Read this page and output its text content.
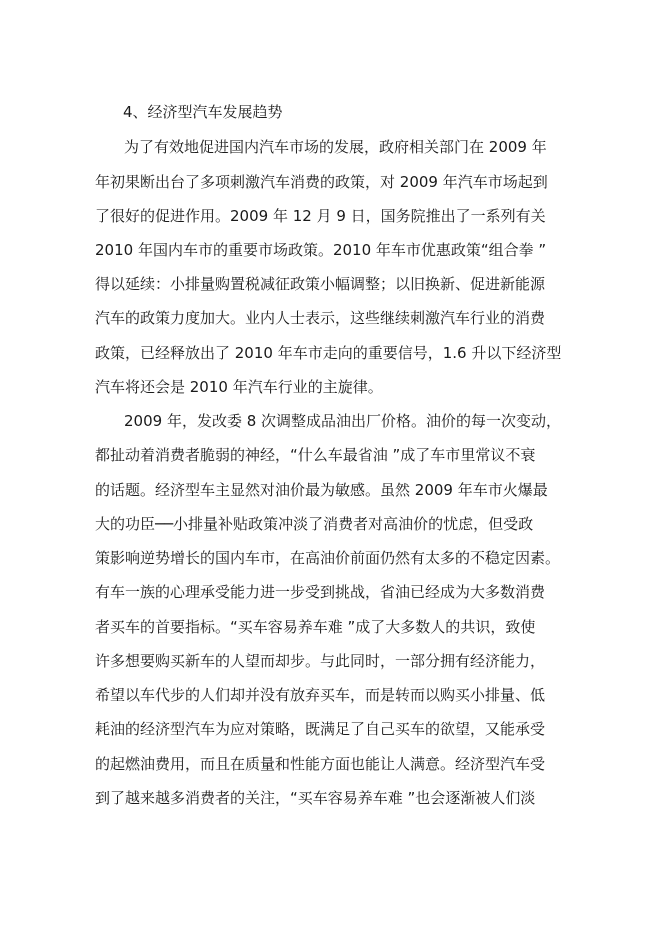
4、经济型汽车发展趋势
为了有效地促进国内汽车市场的发展，政府相关部门在 2009 年
年初果断出台了多项刺激汽车消费的政策，对 2009 年汽车市场起到
了很好的促进作用。2009 年 12 月 9 日，国务院推出了一系列有关
2010 年国内车市的重要市场政策。2010 年车市优惠政策“组合拳 ”
得以延续：小排量购置税减征政策小幅调整；以旧换新、促进新能源
汽车的政策力度加大。业内人士表示，这些继续刺激汽车行业的消费
政策，已经释放出了 2010 年车市走向的重要信号，1.6 升以下经济型
汽车将还会是 2010 年汽车行业的主旋律。
2009 年，发改委 8 次调整成品油出厂价格。油价的每一次变动，
都扯动着消费者脆弱的神经，“什么车最省油 ”成了车市里常议不衰
的话题。经济型车主显然对油价最为敏感。虽然 2009 年车市火爆最
大的功臣──小排量补贴政策冲淡了消费者对高油价的忧虑，但受政
策影响逆势增长的国内车市，在高油价前面仍然有太多的不稳定因素。
有车一族的心理承受能力进一步受到挑战，省油已经成为大多数消费
者买车的首要指标。“买车容易养车难 ”成了大多数人的共识，致使
许多想要购买新车的人望而却步。与此同时，一部分拥有经济能力，
希望以车代步的人们却并没有放弃买车，而是转而以购买小排量、低
耗油的经济型汽车为应对策略，既满足了自己买车的欲望，又能承受
的起燃油费用，而且在质量和性能方面也能让人满意。经济型汽车受
到了越来越多消费者的关注，“买车容易养车难 ”也会逐渐被人们淡
